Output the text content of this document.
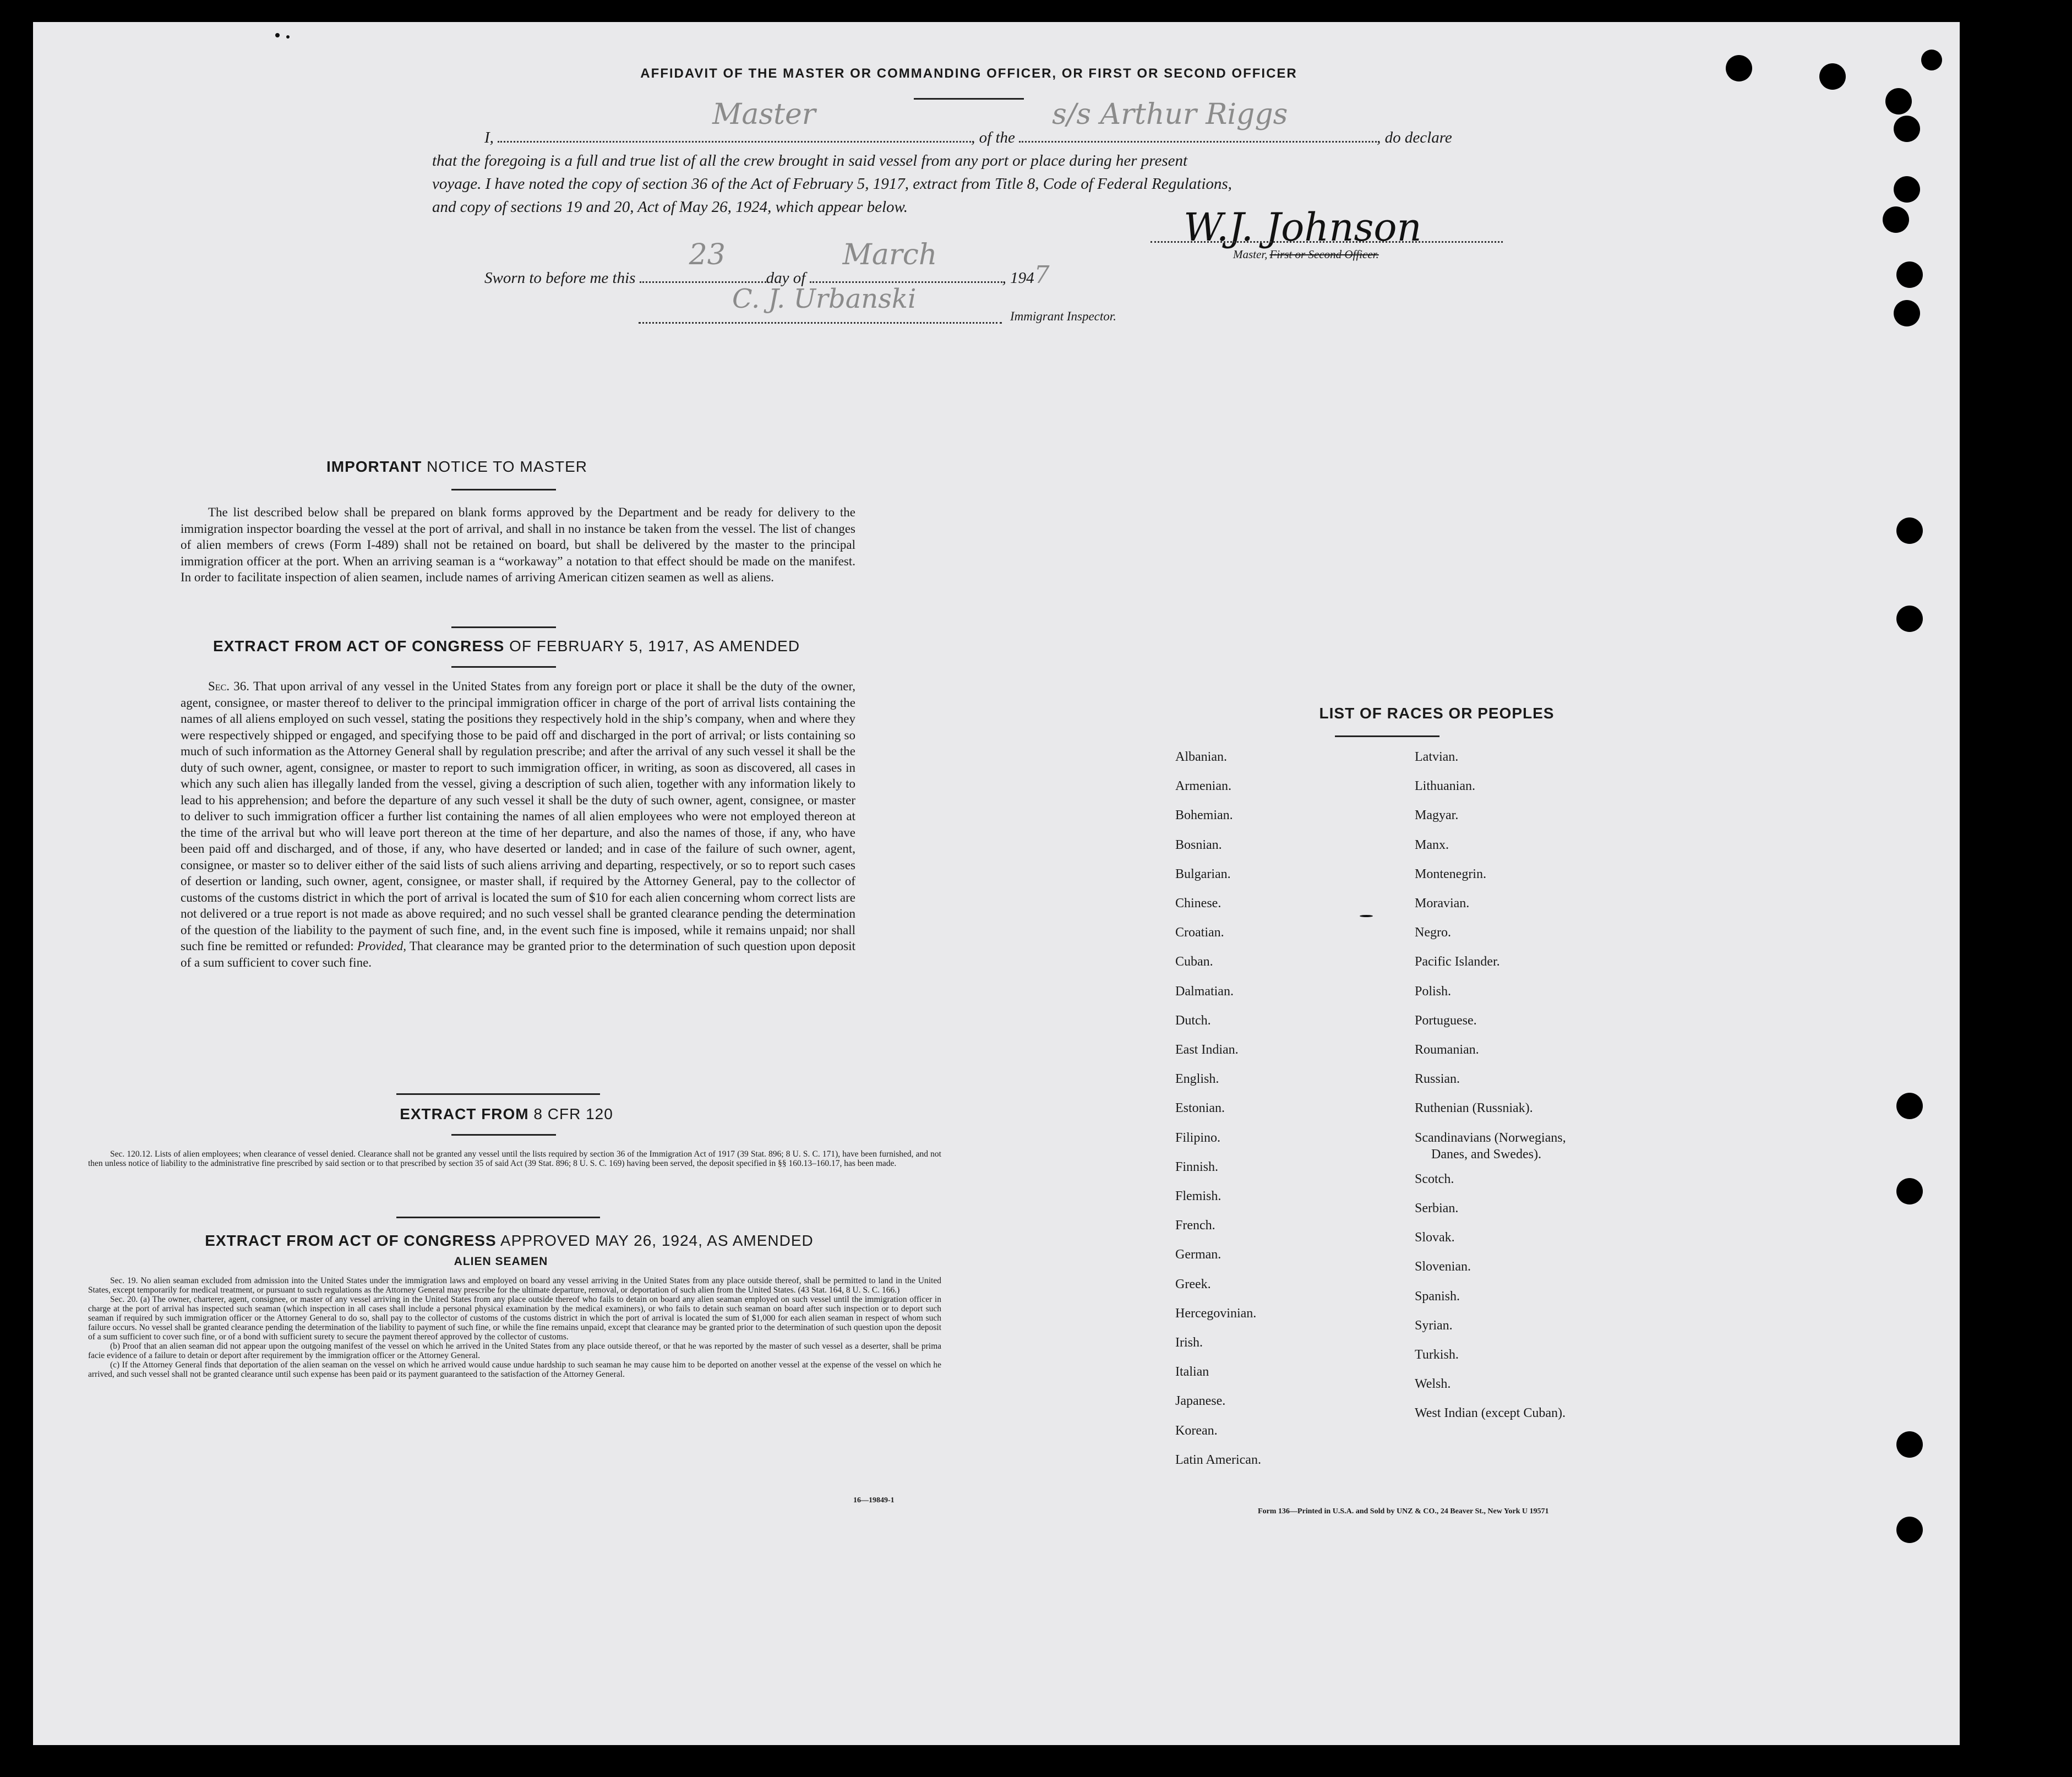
AFFIDAVIT OF THE MASTER OR COMMANDING OFFICER, OR FIRST OR SECOND OFFICER
I,
Master
, of the
s/s Arthur Riggs
, do declare
that the foregoing is a full and true list of all the crew brought in said vessel from any port or place during her present
voyage. I have noted the copy of section 36 of the Act of February 5, 1917, extract from Title 8, Code of Federal Regulations,
and copy of sections 19 and 20, Act of May 26, 1924, which appear below.	W.J. Johnson
Master, First or Second Officer.
Sworn to before me this
23
day of
March
, 1947
C. J. Urbanski
Immigrant Inspector.
IMPORTANT NOTICE TO MASTER
The list described below shall be prepared on blank forms approved by the Department and be ready for delivery to the immigration inspector boarding the vessel at the port of arrival, and shall in no instance be taken from the vessel. The list of changes of alien members of crews (Form I-489) shall not be retained on board, but shall be delivered by the master to the principal immigration officer at the port. When an arriving seaman is a “workaway” a notation to that effect should be made on the manifest. In order to facilitate inspection of alien seamen, include names of arriving American citizen seamen as well as aliens.
EXTRACT FROM ACT OF CONGRESS OF FEBRUARY 5, 1917, AS AMENDED
Sec. 36. That upon arrival of any vessel in the United States from any foreign port or place it shall be the duty of the owner, agent, consignee, or master thereof to deliver to the principal immigration officer in charge of the port of arrival lists containing the names of all aliens employed on such vessel, stating the positions they respectively hold in the ship’s company, when and where they were respectively shipped or engaged, and specifying those to be paid off and discharged in the port of arrival; or lists containing so much of such information as the Attorney General shall by regulation prescribe; and after the arrival of any such vessel it shall be the duty of such owner, agent, consignee, or master to report to such immigration officer, in writing, as soon as discovered, all cases in which any such alien has illegally landed from the vessel, giving a description of such alien, together with any information likely to lead to his apprehension; and before the departure of any such vessel it shall be the duty of such owner, agent, consignee, or master to deliver to such immigration officer a further list containing the names of all alien employees who were not employed thereon at the time of the arrival but who will leave port thereon at the time of her departure, and also the names of those, if any, who have been paid off and discharged, and of those, if any, who have deserted or landed; and in case of the failure of such owner, agent, consignee, or master so to deliver either of the said lists of such aliens arriving and departing, respectively, or so to report such cases of desertion or landing, such owner, agent, consignee, or master shall, if required by the Attorney General, pay to the collector of customs of the customs district in which the port of arrival is located the sum of $10 for each alien concerning whom correct lists are not delivered or a true report is not made as above required; and no such vessel shall be granted clearance pending the determination of the question of the liability to the payment of such fine, and, in the event such fine is imposed, while it remains unpaid; nor shall such fine be remitted or refunded: Provided, That clearance may be granted prior to the determination of such question upon deposit of a sum sufficient to cover such fine.
EXTRACT FROM 8 CFR 120
Sec. 120.12. Lists of alien employees; when clearance of vessel denied. Clearance shall not be granted any vessel until the lists required by section 36 of the Immigration Act of 1917 (39 Stat. 896; 8 U. S. C. 171), have been furnished, and not then unless notice of liability to the administrative fine prescribed by said section or to that prescribed by section 35 of said Act (39 Stat. 896; 8 U. S. C. 169) having been served, the deposit specified in §§ 160.13–160.17, has been made.
EXTRACT FROM ACT OF CONGRESS APPROVED MAY 26, 1924, AS AMENDED
ALIEN SEAMEN
Sec. 19. No alien seaman excluded from admission into the United States under the immigration laws and employed on board any vessel arriving in the United States from any place outside thereof, shall be permitted to land in the United States, except temporarily for medical treatment, or pursuant to such regulations as the Attorney General may prescribe for the ultimate departure, removal, or deportation of such alien from the United States. (43 Stat. 164, 8 U. S. C. 166.)
Sec. 20. (a) The owner, charterer, agent, consignee, or master of any vessel arriving in the United States from any place outside thereof who fails to detain on board any alien seaman employed on such vessel until the immigration officer in charge at the port of arrival has inspected such seaman (which inspection in all cases shall include a personal physical examination by the medical examiners), or who fails to detain such seaman on board after such inspection or to deport such seaman if required by such immigration officer or the Attorney General to do so, shall pay to the collector of customs of the customs district in which the port of arrival is located the sum of $1,000 for each alien seaman in respect of whom such failure occurs. No vessel shall be granted clearance pending the determination of the liability to payment of such fine, or while the fine remains unpaid, except that clearance may be granted prior to the determination of such question upon the deposit of a sum sufficient to cover such fine, or of a bond with sufficient surety to secure the payment thereof approved by the collector of customs.
(b) Proof that an alien seaman did not appear upon the outgoing manifest of the vessel on which he arrived in the United States from any place outside thereof, or that he was reported by the master of such vessel as a deserter, shall be prima facie evidence of a failure to detain or deport after requirement by the immigration officer or the Attorney General.
(c) If the Attorney General finds that deportation of the alien seaman on the vessel on which he arrived would cause undue hardship to such seaman he may cause him to be deported on another vessel at the expense of the vessel on which he arrived, and such vessel shall not be granted clearance until such expense has been paid or its payment guaranteed to the satisfaction of the Attorney General.
16—19849-1
LIST OF RACES OR PEOPLES
Form 136—Printed in U.S.A. and Sold by UNZ & CO., 24 Beaver St., New York U 19571
Albanian.
Armenian.
Bohemian.
Bosnian.
Bulgarian.
Chinese.
Croatian.
Cuban.
Dalmatian.
Dutch.
East Indian.
English.
Estonian.
Filipino.
Finnish.
Flemish.
French.
German.
Greek.
Hercegovinian.
Irish.
Italian
Japanese.
Korean.
Latin American.
Latvian.
Lithuanian.
Magyar.
Manx.
Montenegrin.
Moravian.
Negro.
Pacific Islander.
Polish.
Portuguese.
Roumanian.
Russian.
Ruthenian (Russniak).
Scandinavians (Norwegians,
Danes, and Swedes).
Scotch.
Serbian.
Slovak.
Slovenian.
Spanish.
Syrian.
Turkish.
Welsh.
West Indian (except Cuban).
